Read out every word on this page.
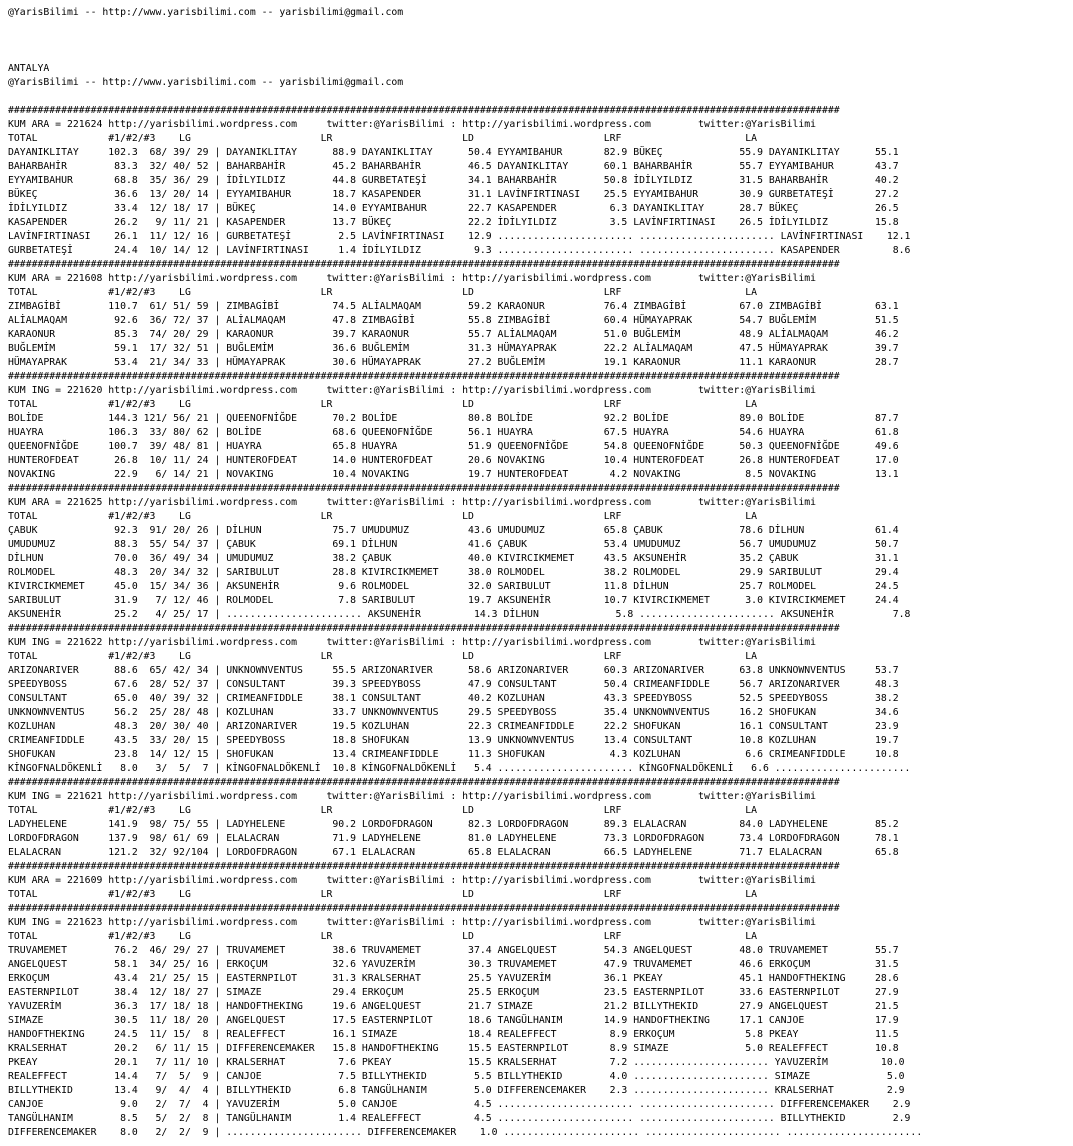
@YarisBilimi -- http://www.yarisbilimi.com -- yarisbilimi@gmail.com
ANTALYA
@YarisBilimi -- http://www.yarisbilimi.com -- yarisbilimi@gmail.com
#############################################################################################################################################
KUM ARA = 221624 http://yarisbilimi.wordpress.com     twitter:@YarisBilimi : http://yarisbilimi.wordpress.com        twitter:@YarisBilimi
TOTAL            #1/#2/#3    LG                      LR                      LD                      LRF                     LA
DAYANIKLITAY     102.3  68/ 39/ 29 | DAYANIKLITAY      88.9 DAYANIKLITAY      50.4 EYYAMIBAHUR       82.9 BÜKEÇ             55.9 DAYANIKLITAY      55.1
BAHARBAHİR        83.3  32/ 40/ 52 | BAHARBAHİR        45.2 BAHARBAHİR        46.5 DAYANIKLITAY      60.1 BAHARBAHİR        55.7 EYYAMIBAHUR       43.7
EYYAMIBAHUR       68.8  35/ 36/ 29 | İDİLYILDIZ        44.8 GURBETATEŞİ       34.1 BAHARBAHİR        50.8 İDİLYILDIZ        31.5 BAHARBAHİR        40.2
BÜKEÇ             36.6  13/ 20/ 14 | EYYAMIBAHUR       18.7 KASAPENDER        31.1 LAVİNFIRTINASI    25.5 EYYAMIBAHUR       30.9 GURBETATEŞİ       27.2
İDİLYILDIZ        33.4  12/ 18/ 17 | BÜKEÇ             14.0 EYYAMIBAHUR       22.7 KASAPENDER         6.3 DAYANIKLITAY      28.7 BÜKEÇ             26.5
KASAPENDER        26.2   9/ 11/ 21 | KASAPENDER        13.7 BÜKEÇ             22.2 İDİLYILDIZ         3.5 LAVİNFIRTINASI    26.5 İDİLYILDIZ        15.8
LAVİNFIRTINASI    26.1  11/ 12/ 16 | GURBETATEŞİ        2.5 LAVİNFIRTINASI    12.9 ....................... ....................... LAVİNFIRTINASI    12.1
GURBETATEŞİ       24.4  10/ 14/ 12 | LAVİNFIRTINASI     1.4 İDİLYILDIZ         9.3 ....................... ....................... KASAPENDER         8.6
#############################################################################################################################################
KUM ARA = 221608 http://yarisbilimi.wordpress.com     twitter:@YarisBilimi : http://yarisbilimi.wordpress.com        twitter:@YarisBilimi
TOTAL            #1/#2/#3    LG                      LR                      LD                      LRF                     LA
ZIMBAGİBİ        110.7  61/ 51/ 59 | ZIMBAGİBİ         74.5 ALİALMAQAM        59.2 KARAONUR          76.4 ZIMBAGİBİ         67.0 ZIMBAGİBİ         63.1
ALİALMAQAM        92.6  36/ 72/ 37 | ALİALMAQAM        47.8 ZIMBAGİBİ         55.8 ZIMBAGİBİ         60.4 HÜMAYAPRAK        54.7 BUĞLEMİM          51.5
KARAONUR          85.3  74/ 20/ 29 | KARAONUR          39.7 KARAONUR          55.7 ALİALMAQAM        51.0 BUĞLEMİM          48.9 ALİALMAQAM        46.2
BUĞLEMİM          59.1  17/ 32/ 51 | BUĞLEMİM          36.6 BUĞLEMİM          31.3 HÜMAYAPRAK        22.2 ALİALMAQAM        47.5 HÜMAYAPRAK        39.7
HÜMAYAPRAK        53.4  21/ 34/ 33 | HÜMAYAPRAK        30.6 HÜMAYAPRAK        27.2 BUĞLEMİM          19.1 KARAONUR          11.1 KARAONUR          28.7
#############################################################################################################################################
KUM ING = 221620 http://yarisbilimi.wordpress.com     twitter:@YarisBilimi : http://yarisbilimi.wordpress.com        twitter:@YarisBilimi
TOTAL            #1/#2/#3    LG                      LR                      LD                      LRF                     LA
BOLİDE           144.3 121/ 56/ 21 | QUEENOFNİĞDE      70.2 BOLİDE            80.8 BOLİDE            92.2 BOLİDE            89.0 BOLİDE            87.7
HUAYRA           106.3  33/ 80/ 62 | BOLİDE            68.6 QUEENOFNİĞDE      56.1 HUAYRA            67.5 HUAYRA            54.6 HUAYRA            61.8
QUEENOFNİĞDE     100.7  39/ 48/ 81 | HUAYRA            65.8 HUAYRA            51.9 QUEENOFNİĞDE      54.8 QUEENOFNİĞDE      50.3 QUEENOFNİĞDE      49.6
HUNTEROFDEAT      26.8  10/ 11/ 24 | HUNTEROFDEAT      14.0 HUNTEROFDEAT      20.6 NOVAKING          10.4 HUNTEROFDEAT      26.8 HUNTEROFDEAT      17.0
NOVAKING          22.9   6/ 14/ 21 | NOVAKING          10.4 NOVAKING          19.7 HUNTEROFDEAT       4.2 NOVAKING           8.5 NOVAKING          13.1
#############################################################################################################################################
KUM ARA = 221625 http://yarisbilimi.wordpress.com     twitter:@YarisBilimi : http://yarisbilimi.wordpress.com        twitter:@YarisBilimi
TOTAL            #1/#2/#3    LG                      LR                      LD                      LRF                     LA
ÇABUK             92.3  91/ 20/ 26 | DİLHUN            75.7 UMUDUMUZ          43.6 UMUDUMUZ          65.8 ÇABUK             78.6 DİLHUN            61.4
UMUDUMUZ          88.3  55/ 54/ 37 | ÇABUK             69.1 DİLHUN            41.6 ÇABUK             53.4 UMUDUMUZ          56.7 UMUDUMUZ          50.7
DİLHUN            70.0  36/ 49/ 34 | UMUDUMUZ          38.2 ÇABUK             40.0 KIVIRCIKMEMET     43.5 AKSUNEHİR         35.2 ÇABUK             31.1
ROLMODEL          48.3  20/ 34/ 32 | SARIBULUT         28.8 KIVIRCIKMEMET     38.0 ROLMODEL          38.2 ROLMODEL          29.9 SARIBULUT         29.4
KIVIRCIKMEMET     45.0  15/ 34/ 36 | AKSUNEHİR          9.6 ROLMODEL          32.0 SARIBULUT         11.8 DİLHUN            25.7 ROLMODEL          24.5
SARIBULUT         31.9   7/ 12/ 46 | ROLMODEL           7.8 SARIBULUT         19.7 AKSUNEHİR         10.7 KIVIRCIKMEMET      3.0 KIVIRCIKMEMET     24.4
AKSUNEHİR         25.2   4/ 25/ 17 | ....................... AKSUNEHİR         14.3 DİLHUN             5.8 ....................... AKSUNEHİR          7.8
#############################################################################################################################################
KUM ING = 221622 http://yarisbilimi.wordpress.com     twitter:@YarisBilimi : http://yarisbilimi.wordpress.com        twitter:@YarisBilimi
TOTAL            #1/#2/#3    LG                      LR                      LD                      LRF                     LA
ARIZONARIVER      88.6  65/ 42/ 34 | UNKNOWNVENTUS     55.5 ARIZONARIVER      58.6 ARIZONARIVER      60.3 ARIZONARIVER      63.8 UNKNOWNVENTUS     53.7
SPEEDYBOSS        67.6  28/ 52/ 37 | CONSULTANT        39.3 SPEEDYBOSS        47.9 CONSULTANT        50.4 CRIMEANFIDDLE     56.7 ARIZONARIVER      48.3
CONSULTANT        65.0  40/ 39/ 32 | CRIMEANFIDDLE     38.1 CONSULTANT        40.2 KOZLUHAN          43.3 SPEEDYBOSS        52.5 SPEEDYBOSS        38.2
UNKNOWNVENTUS     56.2  25/ 28/ 48 | KOZLUHAN          33.7 UNKNOWNVENTUS     29.5 SPEEDYBOSS        35.4 UNKNOWNVENTUS     16.2 SHOFUKAN          34.6
KOZLUHAN          48.3  20/ 30/ 40 | ARIZONARIVER      19.5 KOZLUHAN          22.3 CRIMEANFIDDLE     22.2 SHOFUKAN          16.1 CONSULTANT        23.9
CRIMEANFIDDLE     43.5  33/ 20/ 15 | SPEEDYBOSS        18.8 SHOFUKAN          13.9 UNKNOWNVENTUS     13.4 CONSULTANT        10.8 KOZLUHAN          19.7
SHOFUKAN          23.8  14/ 12/ 15 | SHOFUKAN          13.4 CRIMEANFIDDLE     11.3 SHOFUKAN           4.3 KOZLUHAN           6.6 CRIMEANFIDDLE     10.8
KİNGOFNALDÖKENLİ   8.0   3/  5/  7 | KİNGOFNALDÖKENLİ  10.8 KİNGOFNALDÖKENLİ   5.4 ....................... KİNGOFNALDÖKENLİ   6.6 .......................
#############################################################################################################################################
KUM ING = 221621 http://yarisbilimi.wordpress.com     twitter:@YarisBilimi : http://yarisbilimi.wordpress.com        twitter:@YarisBilimi
TOTAL            #1/#2/#3    LG                      LR                      LD                      LRF                     LA
LADYHELENE       141.9  98/ 75/ 55 | LADYHELENE        90.2 LORDOFDRAGON      82.3 LORDOFDRAGON      89.3 ELALACRAN         84.0 LADYHELENE        85.2
LORDOFDRAGON     137.9  98/ 61/ 69 | ELALACRAN         71.9 LADYHELENE        81.0 LADYHELENE        73.3 LORDOFDRAGON      73.4 LORDOFDRAGON      78.1
ELALACRAN        121.2  32/ 92/104 | LORDOFDRAGON      67.1 ELALACRAN         65.8 ELALACRAN         66.5 LADYHELENE        71.7 ELALACRAN         65.8
#############################################################################################################################################
KUM ARA = 221609 http://yarisbilimi.wordpress.com     twitter:@YarisBilimi : http://yarisbilimi.wordpress.com        twitter:@YarisBilimi
TOTAL            #1/#2/#3    LG                      LR                      LD                      LRF                     LA
#############################################################################################################################################
KUM ING = 221623 http://yarisbilimi.wordpress.com     twitter:@YarisBilimi : http://yarisbilimi.wordpress.com        twitter:@YarisBilimi
TOTAL            #1/#2/#3    LG                      LR                      LD                      LRF                     LA
TRUVAMEMET        76.2  46/ 29/ 27 | TRUVAMEMET        38.6 TRUVAMEMET        37.4 ANGELQUEST        54.3 ANGELQUEST        48.0 TRUVAMEMET        55.7
ANGELQUEST        58.1  34/ 25/ 16 | ERKOÇUM           32.6 YAVUZERİM         30.3 TRUVAMEMET        47.9 TRUVAMEMET        46.6 ERKOÇUM           31.5
ERKOÇUM           43.4  21/ 25/ 15 | EASTERNPILOT      31.3 KRALSERHAT        25.5 YAVUZERİM         36.1 PKEAY             45.1 HANDOFTHEKING     28.6
EASTERNPILOT      38.4  12/ 18/ 27 | SIMAZE            29.4 ERKOÇUM           25.5 ERKOÇUM           23.5 EASTERNPILOT      33.6 EASTERNPILOT      27.9
YAVUZERİM         36.3  17/ 18/ 18 | HANDOFTHEKING     19.6 ANGELQUEST        21.7 SIMAZE            21.2 BILLYTHEKID       27.9 ANGELQUEST        21.5
SIMAZE            30.5  11/ 18/ 20 | ANGELQUEST        17.5 EASTERNPILOT      18.6 TANGÜLHANIM       14.9 HANDOFTHEKING     17.1 CANJOE            17.9
HANDOFTHEKING     24.5  11/ 15/  8 | REALEFFECT        16.1 SIMAZE            18.4 REALEFFECT         8.9 ERKOÇUM            5.8 PKEAY             11.5
KRALSERHAT        20.2   6/ 11/ 15 | DIFFERENCEMAKER   15.8 HANDOFTHEKING     15.5 EASTERNPILOT       8.9 SIMAZE             5.0 REALEFFECT        10.8
PKEAY             20.1   7/ 11/ 10 | KRALSERHAT         7.6 PKEAY             15.5 KRALSERHAT         7.2 ....................... YAVUZERİM         10.0
REALEFFECT        14.4   7/  5/  9 | CANJOE             7.5 BILLYTHEKID        5.5 BILLYTHEKID        4.0 ....................... SIMAZE             5.0
BILLYTHEKID       13.4   9/  4/  4 | BILLYTHEKID        6.8 TANGÜLHANIM        5.0 DIFFERENCEMAKER    2.3 ....................... KRALSERHAT         2.9
CANJOE             9.0   2/  7/  4 | YAVUZERİM          5.0 CANJOE             4.5 ....................... ....................... DIFFERENCEMAKER    2.9
TANGÜLHANIM        8.5   5/  2/  8 | TANGÜLHANIM        1.4 REALEFFECT         4.5 ....................... ....................... BILLYTHEKID        2.9
DIFFERENCEMAKER    8.0   2/  2/  9 | ....................... DIFFERENCEMAKER    1.0 ....................... ....................... .......................
